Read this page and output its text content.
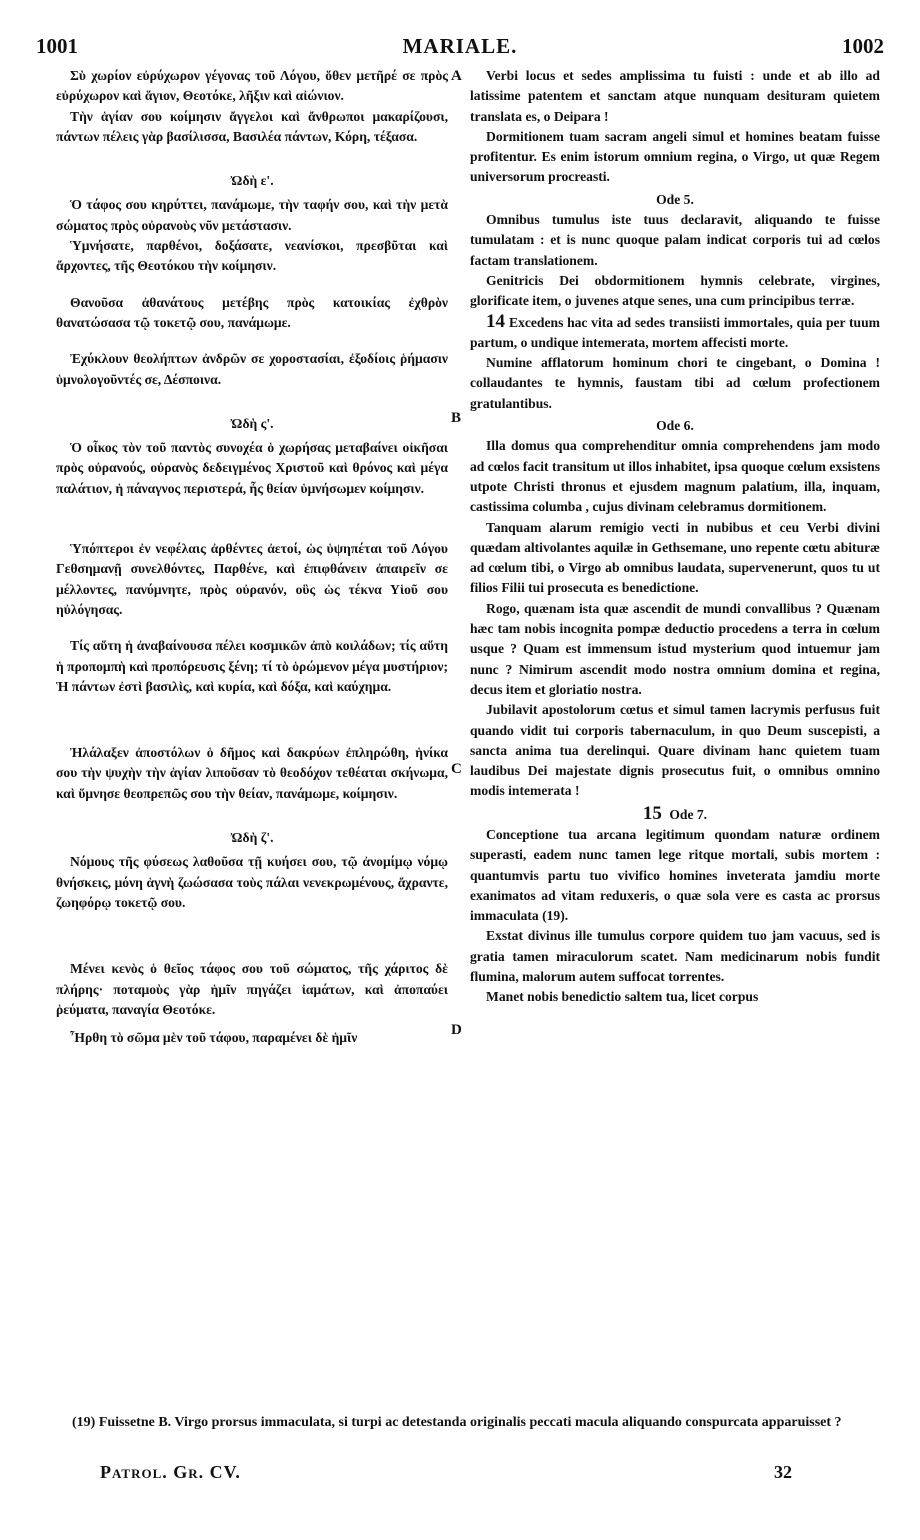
1001	MARIALE.	1002

Σὺ χωρίον εὐρύχωρον γέγονας τοῦ Λόγου, ὅθεν μετῆρέ σε πρὸς εὐρύχωρον καὶ ἅγιον, Θεοτόκε, λῆξιν καὶ αἰώνιον.

Τὴν ἁγίαν σου κοίμησιν ἄγγελοι καὶ ἄνθρωποι μακαρίζουσι, πάντων πέλεις γὰρ βασίλισσα, Βασιλέα πάντων, Κόρη, τέξασα.

Ὠδὴ ε'.

Ὁ τάφος σου κηρύττει, πανάμωμε, τὴν ταφήν σου, καὶ τὴν μετὰ σώματος πρὸς οὐρανοὺς νῦν μετάστασιν.

Ὑμνήσατε, παρθένοι, δοξάσατε, νεανίσκοι, πρεσβῦται καὶ ἄρχοντες, τῆς Θεοτόκου τὴν κοίμησιν.

Θανοῦσα ἀθανάτους μετέβης πρὸς κατοικίας ἐχθρὸν θανατώσασα τῷ τοκετῷ σου, πανάμωμε.

Ἐχύκλουν θεολήπτων ἀνδρῶν σε χοροστασίαι, ἐξοδίοις ῥήμασιν ὑμνολογοῦντές σε, Δέσποινα.

Ὠδὴ ς'.

Ὁ οἶκος τὸν τοῦ παντὸς συνοχέα ὁ χωρήσας μεταβαίνει οἰκῆσαι πρὸς οὐρανούς, οὐρανὸς δεδειγμένος Χριστοῦ καὶ θρόνος καὶ μέγα παλάτιον, ἡ πάναγνος περιστερά, ἧς θείαν ὑμνήσωμεν κοίμησιν.

Ὑπόπτεροι ἐν νεφέλαις ἀρθέντες ἀετοί, ὡς ὑψηπέται τοῦ Λόγου Γεθσημανῇ συνελθόντες, Παρθένε, καὶ ἐπιφθάνειν ἀπαιρεῖν σε μέλλοντες, πανύμνητε, πρὸς οὐρανόν, οὓς ὡς τέκνα Υἱοῦ σου ηὐλόγησας.

Τίς αὕτη ἡ ἀναβαίνουσα πέλει κοσμικῶν ἀπὸ κοιλάδων; τίς αὕτη ἡ προπομπὴ καὶ προπόρευσις ξένη; τί τὸ ὁρώμενον μέγα μυστήριον; Ἡ πάντων ἐστὶ βασιλὶς, καὶ κυρία, καὶ δόξα, καὶ καύχημα.

Ἠλάλαξεν ἀποστόλων ὁ δῆμος καὶ δακρύων ἐπληρώθη, ἡνίκα σου τὴν ψυχὴν τὴν ἁγίαν λιποῦσαν τὸ θεοδόχον τεθέαται σκήνωμα, καὶ ὕμνησε θεοπρεπῶς σου τὴν θείαν, πανάμωμε, κοίμησιν.

Ὠδὴ ζ'.

Νόμους τῆς φύσεως λαθοῦσα τῇ κυήσει σου, τῷ ἀνομίμῳ νόμῳ θνήσκεις, μόνη ἁγνὴ ζωώσασα τοὺς πάλαι νενεκρωμένους, ἄχραντε, ζωηφόρῳ τοκετῷ σου.

Μένει κενὸς ὁ θεῖος τάφος σου τοῦ σώματος, τῆς χάριτος δὲ πλήρης· ποταμοὺς γὰρ ἡμῖν πηγάζει ἰαμάτων, καὶ ἀποπαύει ῥεύματα, παναγία Θεοτόκε.

Ἦρθη τὸ σῶμα μὲν τοῦ τάφου, παραμένει δὲ ἡμῖν

A
B
C
D

Verbi locus et sedes amplissima tu fuisti : unde et ab illo ad latissime patentem et sanctam atque nunquam desituram quietem translata es, o Deipara !

Dormitionem tuam sacram angeli simul et homines beatam fuisse profitentur. Es enim istorum omnium regina, o Virgo, ut quæ Regem universorum procreasti.

Ode 5.

Omnibus tumulus iste tuus declaravit, aliquando te fuisse tumulatam : et is nunc quoque palam indicat corporis tui ad cœlos factam translationem.

Genitricis Dei obdormitionem hymnis celebrate, virgines, glorificate item, o juvenes atque senes, una cum principibus terræ.

14 Excedens hac vita ad sedes transiisti immortales, quia per tuum partum, o undique intemerata, mortem affecisti morte.

Numine afflatorum hominum chori te cingebant, o Domina ! collaudantes te hymnis, faustam tibi ad cœlum profectionem gratulantibus.

Ode 6.

Illa domus qua comprehenditur omnia comprehendens jam modo ad cœlos facit transitum ut illos inhabitet, ipsa quoque cœlum exsistens utpote Christi thronus et ejusdem magnum palatium, illa, inquam, castissima columba , cujus divinam celebramus dormitionem.

Tanquam alarum remigio vecti in nubibus et ceu Verbi divini quædam altivolantes aquilæ in Gethsemane, uno repente cœtu abituræ ad cœlum tibi, o Virgo ab omnibus laudata, supervenerunt, quos tu ut filios Filii tui prosecuta es benedictione.

Rogo, quænam ista quæ ascendit de mundi convallibus ? Quænam hæc tam nobis incognita pompæ deductio procedens a terra in cœlum usque ? Quam est immensum istud mysterium quod intuemur jam nunc ? Nimirum ascendit modo nostra omnium domina et regina, decus item et gloriatio nostra.

Jubilavit apostolorum cœtus et simul tamen lacrymis perfusus fuit quando vidit tui corporis tabernaculum, in quo Deum suscepisti, a sancta anima tua derelinqui. Quare divinam hanc quietem tuam laudibus Dei majestate dignis prosecutus fuit, o omnibus omnino modis intemerata !

15 Ode 7.

Conceptione tua arcana legitimum quondam naturæ ordinem superasti, eadem nunc tamen lege ritque mortali, subis mortem : quantumvis partu tuo vivifico homines inveterata jamdiu morte exanimatos ad vitam reduxeris, o quæ sola vere es casta ac prorsus immaculata (19).

Exstat divinus ille tumulus corpore quidem tuo jam vacuus, sed is gratia tamen miraculorum scatet. Nam medicinarum nobis fundit flumina, malorum autem suffocat torrentes.

Manet nobis benedictio saltem tua, licet corpus

(19) Fuissetne B. Virgo prorsus immaculata, si turpi ac detestanda originalis peccati macula aliquando conspurcata apparuisset ?
Patrol. Gr. CV.	32
